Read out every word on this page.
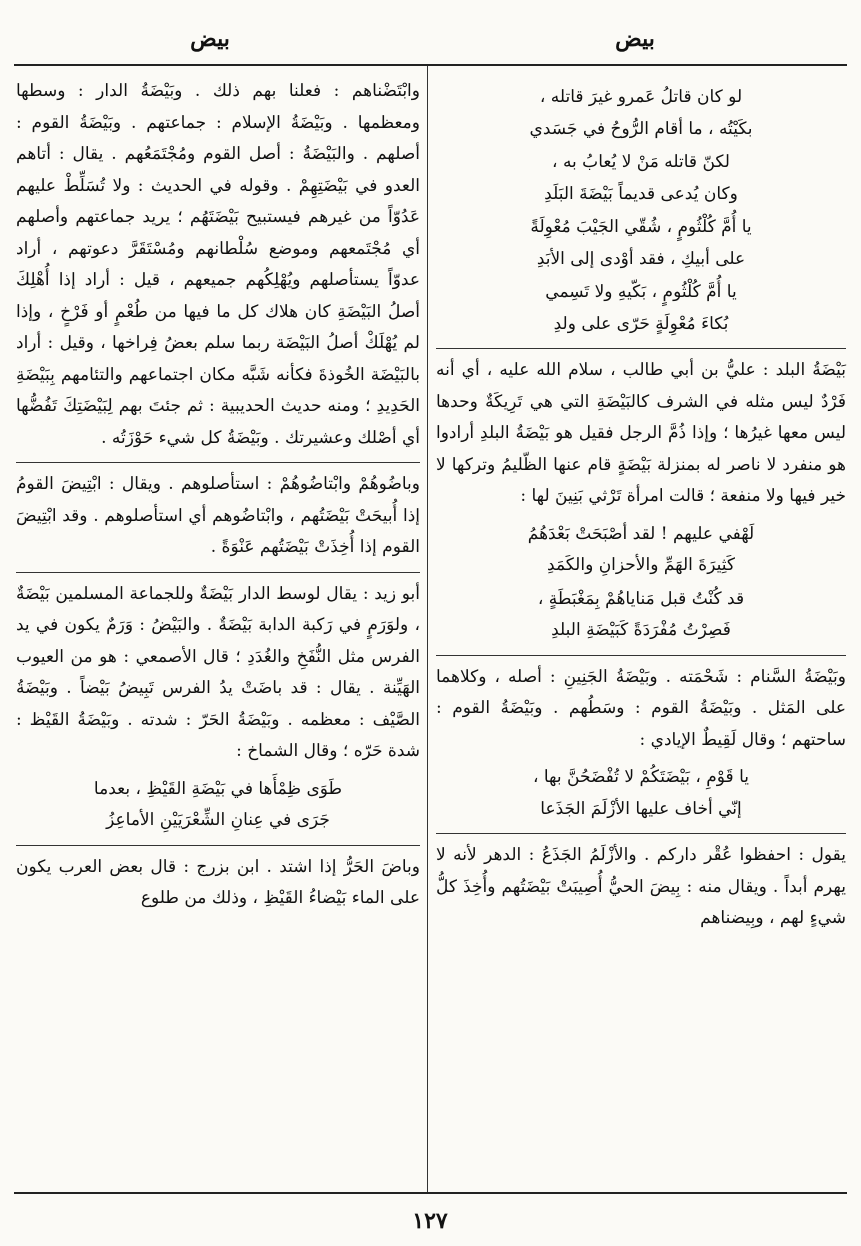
بيض
بيض
لو كان قاتلُ عَمرو غيرَ قاتله ،
بكَيْتُه ، ما أقام الرُّوحُ في جَسَدي
لكنّ قاتله مَنْ لا يُعابُ به ،
وكان يُدعى قديماً بَيْضَةَ البَلَدِ
يا أُمَّ كُلْثُومٍ ، شُقّي الجَيْبَ مُعْوِلَةً
على أبيكِ ، فقد أوْدى إلى الأبَدِ
يا أُمَّ كُلْثُومٍ ، بَكّيهِ ولا تَسِمي
بُكاءَ مُعْوِلَةٍ حَرّى على ولدِ

بَيْضَةُ البلد : عليُّ بن أبي طالب ، سلام الله عليه ، أي أنه فَرْدٌ ليس مثله في الشرف كالبَيْضَةِ التي هي تَرِيكَةٌ وحدها ليس معها غيرُها ؛ وإذا ذُمَّ الرجل فقيل هو بَيْضَةُ البلدِ أرادوا هو منفرد لا ناصر له بمنزلة بَيْضَةٍ قام عنها الظّليمُ وتركها لا خير فيها ولا منفعة ؛ قالت امرأة تَرْثي بَنِينَ لها :

لَهْفي عليهم ! لقد أصْبَحَتْ بَعْدَهُمُ
كَثِيرَةَ الهَمِّ والأحزانِ والكَمَدِ
قد كُنْتُ قبل مَناياهُمْ بِمَغْبَطَةٍ ،
فَصِرْتُ مُفْرَدَةً كَبَيْضَةِ البلدِ

وبَيْضَةُ السَّنام : شَحْمَته . وبَيْضَةُ الجَنِينِ : أصله ، وكلاهما على المَثل . وبَيْضَةُ القوم : وسَطُهم . وبَيْضَةُ القوم : ساحتهم ؛ وقال لَقِيطٌ الإيادي :

يا قَوْمِ ، بَيْضَتَكُمْ لا تُفْضَحُنَّ بها ،
إنّي أخاف عليها الأزْلَمَ الجَذَعا

يقول : احفظوا عُقْر داركم . والأزْلَمُ الجَذَعُ : الدهر لأنه لا يهرم أبداً . ويقال منه : بِيضَ الحيُّ أُصِيبَتْ بَيْضَتُهم وأُخِذَ كلُّ شيءٍ لهم ، وبِيضناهم

وابْتَضْناهم : فعلنا بهم ذلك . وبَيْضَةُ الدار : وسطها ومعظمها . وبَيْضَةُ الإسلام : جماعتهم . وبَيْضَةُ القوم : أصلهم . والبَيْضَةُ : أصل القوم ومُجْتَمَعُهم . يقال : أتاهم العدو في بَيْضَتِهِمْ . وقوله في الحديث : ولا تُسَلِّطْ عليهم عَدُوّاً من غيرهم فيستبيح بَيْضَتَهُم ؛ يريد جماعتهم وأصلهم أي مُجْتَمعهم وموضع سُلْطانهم ومُسْتَقَرَّ دعوتهم ، أراد عدوّاً يستأصلهم ويُهْلِكُهم جميعهم ، قيل : أراد إذا أُهْلِكَ أصلُ البَيْضَةِ كان هلاك كل ما فيها من طُعْمٍ أو فَرْخٍ ، وإذا لم يُهْلَكْ أصلُ البَيْضَة ربما سلم بعضُ فِراخها ، وقيل : أراد بالبَيْضَة الخُوذةَ فكأنه شَبَّه مكان اجتماعهم والتئامهم بِبَيْضَةِ الحَدِيدِ ؛ ومنه حديث الحديبية : ثم جئتَ بهم لِبَيْضَتِكَ تَفُضُّها أي أصْلك وعشيرتك . وبَيْضَةُ كل شيء حَوْزَتُه .

وباضُوهُمْ وابْتاضُوهُمْ : استأصلوهم . ويقال : ابْتِيضَ القومُ إذا أُبيحَتْ بَيْضَتُهم ، وابْتاضُوهم أي استأصلوهم . وقد ابْتِيضَ القوم إذا أُخِذَتْ بَيْضَتُهم عَنْوَةً .

أبو زيد : يقال لوسط الدار بَيْضَةٌ وللجماعة المسلمين بَيْضَةٌ ، ولوَرَمٍ في رَكبة الدابة بَيْضَةٌ . والبَيْضُ : وَرَمٌ يكون في يد الفرس مثل النُّفَخِ والغُدَدِ ؛ قال الأصمعي : هو من العيوب الهَيِّنة . يقال : قد باضَتْ يدُ الفرس تَبِيضُ بَيْضاً . وبَيْضَةُ الصَّيْف : معظمه . وبَيْضَةُ الحَرّ : شدته . وبَيْضَةُ القَيْظ : شدة حَرّه ؛ وقال الشماخ :

طَوَى ظِمْأَها في بَيْضَةِ القَيْظِ ، بعدما
جَرَى في عِنانِ الشِّعْرَيَيْنِ الأماعِزُ

وباضَ الحَرُّ إذا اشتد . ابن بزرج : قال بعض العرب يكون على الماء بَيْضاءُ القَيْظِ ، وذلك من طلوع

١٢٧
